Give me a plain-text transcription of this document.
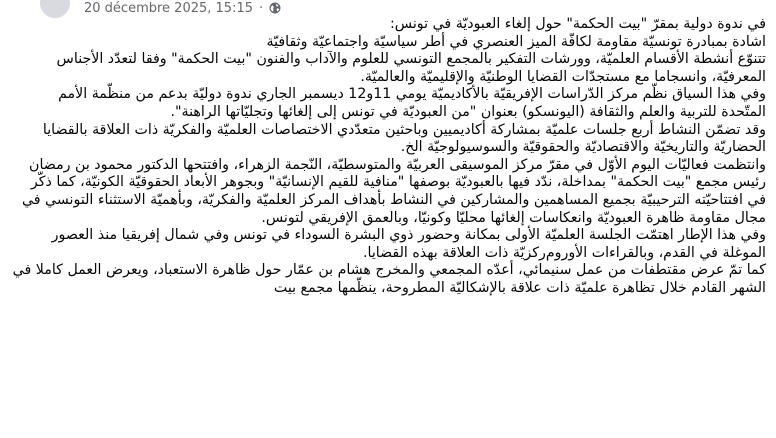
20 décembre 2025, 15:15 ·

في ندوة دولية بمقرّ "بيت الحكمة" حول إلغاء العبوديّة في تونس:

اشادة بمبادرة تونسيّة مقاومة لكافّة الميز العنصري في أطر سياسيّة واجتماعيّة وثقافيّة

تتنوّع أنشطة الأقسام العلميّة، وورشات التفكير بالمجمع التونسي للعلوم والآداب والفنون "بيت الحكمة" وفقا لتعدّد الأجناس المعرفيّة، وانسجاما مع مستجدّات القضايا الوطنيّة والإقليميّة والعالميّة.

وفي هذا السياق نظّم مركز الدّراسات الإفريقيّة بالأكاديميّة يومي 11و12 ديسمبر الجاري ندوة دوليّة بدعم من منظّمة الأمم المتّحدة للتربية والعلم والثقافة (اليونسكو) بعنوان "من العبوديّة في تونس إلى إلغائها وتجليّاتها الراهنة".

وقد تضمّن النشاط أربع جلسات علميّة بمشاركة أكاديميين وباحثين متعدّدي الاختصاصات العلميّة والفكريّة ذات العلاقة بالقضايا الحضاريّة والتاريخيّة والاقتصاديّة والحقوقيّة والسوسيولوجيّة الخ.

وانتظمت فعاليّات اليوم الأوّل في مقرّ مركز الموسيقى العربيّة والمتوسطيّة، النّجمة الزهراء، وافتتحها الدكتور محمود بن رمضان رئيس مجمع "بيت الحكمة" بمداخلة، ندّد فيها بالعبوديّة بوصفها "منافية للقيم الإنسانيّة" وبجوهر الأبعاد الحقوقيّة الكونيّة، كما ذكّر في افتتاحيّته الترحيبيّة بجميع المساهمين والمشاركين في النشاط بأهداف المركز العلميّة والفكريّة، وبأهميّة الاستثناء التونسي في مجال مقاومة ظاهرة العبوديّة وانعكاسات إلغائها محليّا وكونيّا، وبالعمق الإفريقي لتونس.

وفي هذا الإطار اهتمّت الجلسة العلميّة الأولى بمكانة وحضور ذوي البشرة السوداء في تونس وفي شمال إفريقيا منذ العصور الموغلة في القدم، وبالقراءات الأوروم‌ركزيّة ذات العلاقة بهذه القضايا.

كما تمّ عرض مقتطفات من عمل سنيمائي، أعدّه المجمعي والمخرج هشام بن عمّار حول ظاهرة الاستعباد، ويعرض العمل كاملا في الشهر القادم خلال تظاهرة علميّة ذات علاقة بالإشكاليّة المطروحة، ينظّمها مجمع بيت
